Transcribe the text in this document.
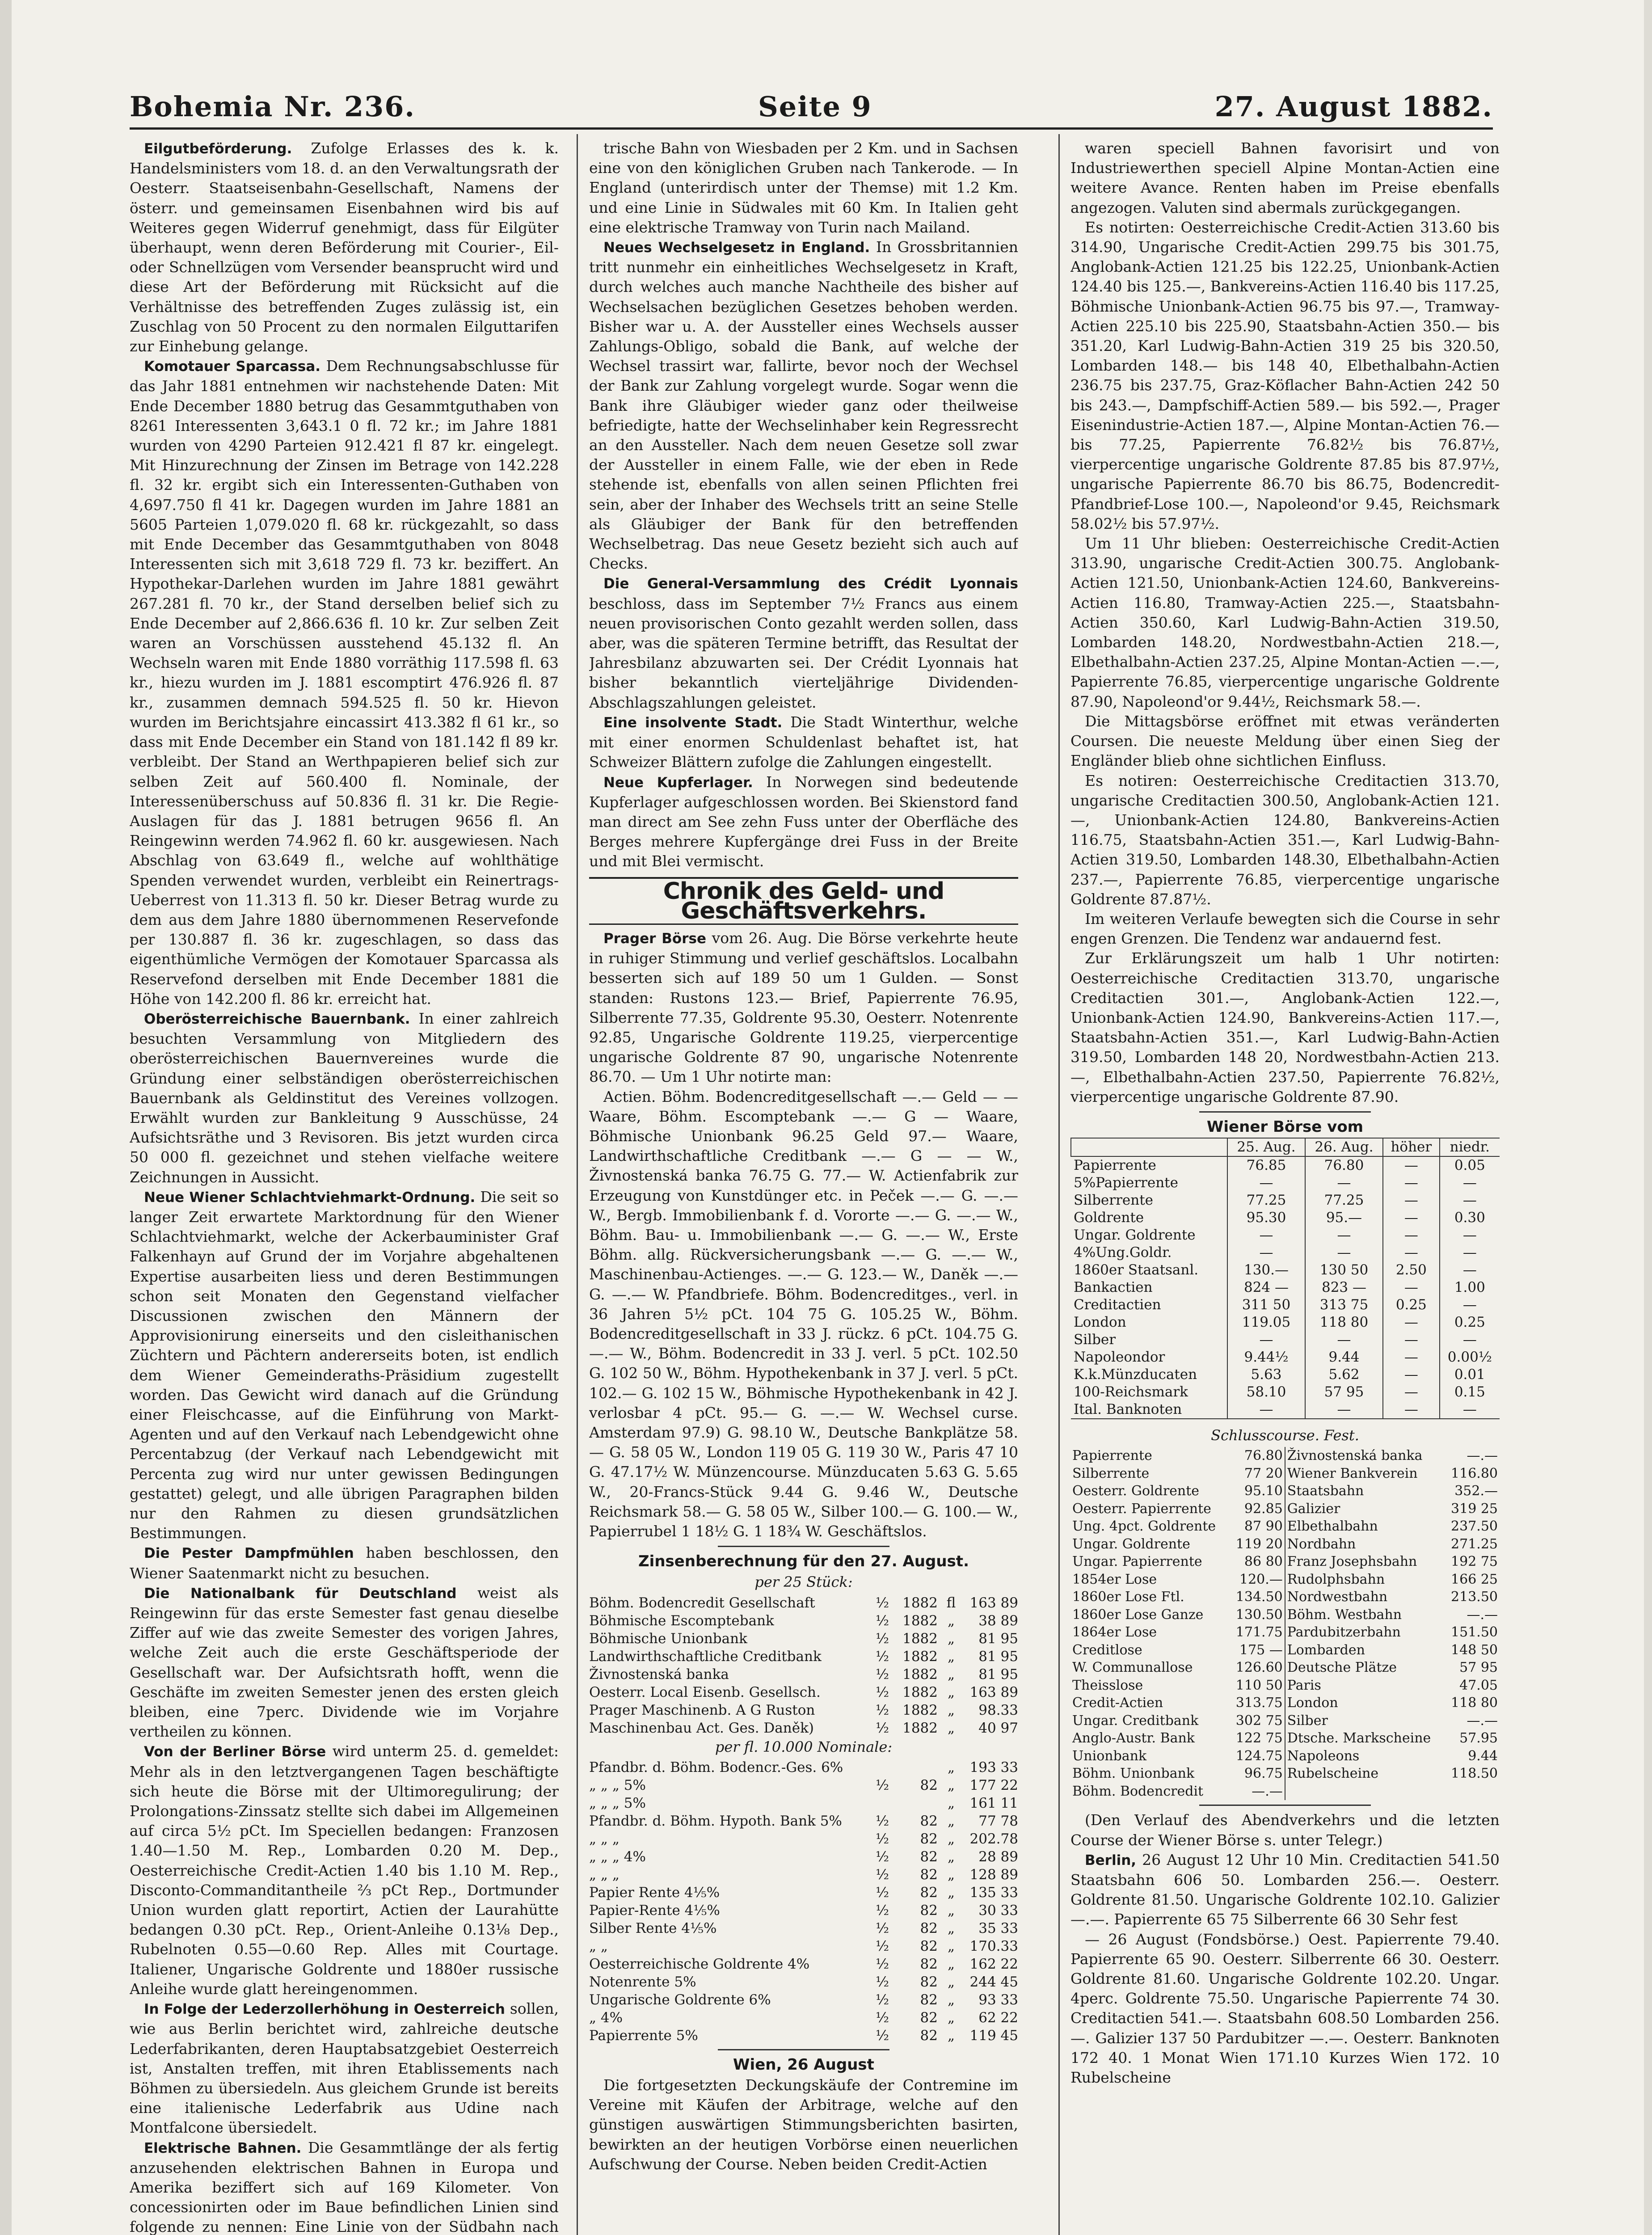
Bohemia Nr. 236.	Seite 9	27. August 1882.

Eilgutbeförderung. Zufolge Erlasses des k. k. Handelsministers vom 18. d. an den Verwaltungsrath der Oesterr. Staatseisenbahn-Gesellschaft, Namens der österr. und gemeinsamen Eisenbahnen wird bis auf Weiteres gegen Widerruf genehmigt, dass für Eilgüter überhaupt, wenn deren Beförderung mit Courier-, Eil- oder Schnellzügen vom Versender beansprucht wird und diese Art der Beförderung mit Rücksicht auf die Verhältnisse des betreffenden Zuges zulässig ist, ein Zuschlag von 50 Procent zu den normalen Eilguttarifen zur Einhebung gelange.

Komotauer Sparcassa. Dem Rechnungsabschlusse für das Jahr 1881 entnehmen wir nachstehende Daten: Mit Ende December 1880 betrug das Gesammtguthaben von 8261 Interessenten 3,643.1 0 fl. 72 kr.; im Jahre 1881 wurden von 4290 Parteien 912.421 fl 87 kr. eingelegt. Mit Hinzurechnung der Zinsen im Betrage von 142.228 fl. 32 kr. ergibt sich ein Interessenten-Guthaben von 4,697.750 fl 41 kr. Dagegen wurden im Jahre 1881 an 5605 Parteien 1,079.020 fl. 68 kr. rückgezahlt, so dass mit Ende December das Gesammtguthaben von 8048 Interessenten sich mit 3,618 729 fl. 73 kr. beziffert. An Hypothekar-Darlehen wurden im Jahre 1881 gewährt 267.281 fl. 70 kr., der Stand derselben belief sich zu Ende December auf 2,866.636 fl. 10 kr. Zur selben Zeit waren an Vorschüssen ausstehend 45.132 fl. An Wechseln waren mit Ende 1880 vorräthig 117.598 fl. 63 kr., hiezu wurden im J. 1881 escomptirt 476.926 fl. 87 kr., zusammen demnach 594.525 fl. 50 kr. Hievon wurden im Berichtsjahre eincassirt 413.382 fl 61 kr., so dass mit Ende December ein Stand von 181.142 fl 89 kr. verbleibt. Der Stand an Werthpapieren belief sich zur selben Zeit auf 560.400 fl. Nominale, der Interessenüberschuss auf 50.836 fl. 31 kr. Die Regie-Auslagen für das J. 1881 betrugen 9656 fl. An Reingewinn werden 74.962 fl. 60 kr. ausgewiesen. Nach Abschlag von 63.649 fl., welche auf wohlthätige Spenden verwendet wurden, verbleibt ein Reinertrags-Ueberrest von 11.313 fl. 50 kr. Dieser Betrag wurde zu dem aus dem Jahre 1880 übernommenen Reservefonde per 130.887 fl. 36 kr. zugeschlagen, so dass das eigenthümliche Vermögen der Komotauer Sparcassa als Reservefond derselben mit Ende December 1881 die Höhe von 142.200 fl. 86 kr. erreicht hat.

Oberösterreichische Bauernbank. In einer zahlreich besuchten Versammlung von Mitgliedern des oberösterreichischen Bauernvereines wurde die Gründung einer selbständigen oberösterreichischen Bauernbank als Geldinstitut des Vereines vollzogen. Erwählt wurden zur Bankleitung 9 Ausschüsse, 24 Aufsichtsräthe und 3 Revisoren. Bis jetzt wurden circa 50 000 fl. gezeichnet und stehen vielfache weitere Zeichnungen in Aussicht.

Neue Wiener Schlachtviehmarkt-Ordnung. Die seit so langer Zeit erwartete Marktordnung für den Wiener Schlachtviehmarkt, welche der Ackerbauminister Graf Falkenhayn auf Grund der im Vorjahre abgehaltenen Expertise ausarbeiten liess und deren Bestimmungen schon seit Monaten den Gegenstand vielfacher Discussionen zwischen den Männern der Approvisionirung einerseits und den cisleithanischen Züchtern und Pächtern andererseits boten, ist endlich dem Wiener Gemeinderaths-Präsidium zugestellt worden. Das Gewicht wird danach auf die Gründung einer Fleischcasse, auf die Einführung von Markt-Agenten und auf den Verkauf nach Lebendgewicht ohne Percentabzug (der Verkauf nach Lebendgewicht mit Percenta zug wird nur unter gewissen Bedingungen gestattet) gelegt, und alle übrigen Paragraphen bilden nur den Rahmen zu diesen grundsätzlichen Bestimmungen.

Die Pester Dampfmühlen haben beschlossen, den Wiener Saatenmarkt nicht zu besuchen.

Die Nationalbank für Deutschland weist als Reingewinn für das erste Semester fast genau dieselbe Ziffer auf wie das zweite Semester des vorigen Jahres, welche Zeit auch die erste Geschäftsperiode der Gesellschaft war. Der Aufsichtsrath hofft, wenn die Geschäfte im zweiten Semester jenen des ersten gleich bleiben, eine 7perc. Dividende wie im Vorjahre vertheilen zu können.

Von der Berliner Börse wird unterm 25. d. gemeldet: Mehr als in den letztvergangenen Tagen beschäftigte sich heute die Börse mit der Ultimoregulirung; der Prolongations-Zinssatz stellte sich dabei im Allgemeinen auf circa 5½ pCt. Im Speciellen bedangen: Franzosen 1.40—1.50 M. Rep., Lombarden 0.20 M. Dep., Oesterreichische Credit-Actien 1.40 bis 1.10 M. Rep., Disconto-Commanditantheile ⅔ pCt Rep., Dortmunder Union wurden glatt reportirt, Actien der Laurahütte bedangen 0.30 pCt. Rep., Orient-Anleihe 0.13⅛ Dep., Rubelnoten 0.55—0.60 Rep. Alles mit Courtage. Italiener, Ungarische Goldrente und 1880er russische Anleihe wurde glatt hereingenommen.

In Folge der Lederzollerhöhung in Oesterreich sollen, wie aus Berlin berichtet wird, zahlreiche deutsche Lederfabrikanten, deren Hauptabsatzgebiet Oesterreich ist, Anstalten treffen, mit ihren Etablissements nach Böhmen zu übersiedeln. Aus gleichem Grunde ist bereits eine italienische Lederfabrik aus Udine nach Montfalcone übersiedelt.

Elektrische Bahnen. Die Gesammtlänge der als fertig anzusehenden elektrischen Bahnen in Europa und Amerika beziffert sich auf 169 Kilometer. Von concessionirten oder im Baue befindlichen Linien sind folgende zu nennen: Eine Linie von der Südbahn nach

trische Bahn von Wiesbaden per 2 Km. und in Sachsen eine von den königlichen Gruben nach Tankerode. — In England (unterirdisch unter der Themse) mit 1.2 Km. und eine Linie in Südwales mit 60 Km. In Italien geht eine elektrische Tramway von Turin nach Mailand.

Neues Wechselgesetz in England. In Grossbritannien tritt nunmehr ein einheitliches Wechselgesetz in Kraft, durch welches auch manche Nachtheile des bisher auf Wechselsachen bezüglichen Gesetzes behoben werden. Bisher war u. A. der Aussteller eines Wechsels ausser Zahlungs-Obligo, sobald die Bank, auf welche der Wechsel trassirt war, fallirte, bevor noch der Wechsel der Bank zur Zahlung vorgelegt wurde. Sogar wenn die Bank ihre Gläubiger wieder ganz oder theilweise befriedigte, hatte der Wechselinhaber kein Regressrecht an den Aussteller. Nach dem neuen Gesetze soll zwar der Aussteller in einem Falle, wie der eben in Rede stehende ist, ebenfalls von allen seinen Pflichten frei sein, aber der Inhaber des Wechsels tritt an seine Stelle als Gläubiger der Bank für den betreffenden Wechselbetrag. Das neue Gesetz bezieht sich auch auf Checks.

Die General-Versammlung des Crédit Lyonnais beschloss, dass im September 7½ Francs aus einem neuen provisorischen Conto gezahlt werden sollen, dass aber, was die späteren Termine betrifft, das Resultat der Jahresbilanz abzuwarten sei. Der Crédit Lyonnais hat bisher bekanntlich vierteljährige Dividenden-Abschlagszahlungen geleistet.

Eine insolvente Stadt. Die Stadt Winterthur, welche mit einer enormen Schuldenlast behaftet ist, hat Schweizer Blättern zufolge die Zahlungen eingestellt.

Neue Kupferlager. In Norwegen sind bedeutende Kupferlager aufgeschlossen worden. Bei Skienstord fand man direct am See zehn Fuss unter der Oberfläche des Berges mehrere Kupfergänge drei Fuss in der Breite und mit Blei vermischt.

Chronik des Geld- und Geschäftsverkehrs.

Prager Börse vom 26. Aug. Die Börse verkehrte heute in ruhiger Stimmung und verlief geschäftslos. Localbahn besserten sich auf 189 50 um 1 Gulden. — Sonst standen: Rustons 123.— Brief, Papierrente 76.95, Silberrente 77.35, Goldrente 95.30, Oesterr. Notenrente 92.85, Ungarische Goldrente 119.25, vierpercentige ungarische Goldrente 87 90, ungarische Notenrente 86.70. — Um 1 Uhr notirte man:

Actien. Böhm. Bodencreditgesellschaft —.— Geld — — Waare, Böhm. Escomptebank —.— G — Waare, Böhmische Unionbank 96.25 Geld 97.— Waare, Landwirthschaftliche Creditbank —.— G — — W., Živnostenská banka 76.75 G. 77.— W. Actienfabrik zur Erzeugung von Kunstdünger etc. in Peček —.— G. —.— W., Bergb. Immobilienbank f. d. Vororte —.— G. —.— W., Böhm. Bau- u. Immobilienbank —.— G. —.— W., Erste Böhm. allg. Rückversicherungsbank —.— G. —.— W., Maschinenbau-Actienges. —.— G. 123.— W., Daněk —.— G. —.— W. Pfandbriefe. Böhm. Bodencreditges., verl. in 36 Jahren 5½ pCt. 104 75 G. 105.25 W., Böhm. Bodencreditgesellschaft in 33 J. rückz. 6 pCt. 104.75 G. —.— W., Böhm. Bodencredit in 33 J. verl. 5 pCt. 102.50 G. 102 50 W., Böhm. Hypothekenbank in 37 J. verl. 5 pCt. 102.— G. 102 15 W., Böhmische Hypothekenbank in 42 J. verlosbar 4 pCt. 95.— G. —.— W. Wechsel curse. Amsterdam 97.9) G. 98.10 W., Deutsche Bankplätze 58.— G. 58 05 W., London 119 05 G. 119 30 W., Paris 47 10 G. 47.17½ W. Münzencourse. Münzducaten 5.63 G. 5.65 W., 20-Francs-Stück 9.44 G. 9.46 W., Deutsche Reichsmark 58.— G. 58 05 W., Silber 100.— G. 100.— W., Papierrubel 1 18½ G. 1 18¾ W. Geschäftslos.

Zinsenberechnung für den 27. August.
per 25 Stück:
Böhm. Bodencredit Gesellschaft	½ 1882 fl	163 89
Böhmische Escomptebank	½ 1882 „	38 89
Böhmische Unionbank	½ 1882 „	81 95
Landwirthschaftliche Creditbank	½ 1882 „	81 95
Živnostenská banka	½ 1882 „	81 95
Oesterr. Local Eisenb. Gesellsch.	½ 1882 „	163 89
Prager Maschinenb. A G Ruston	½ 1882 „	98.33
Maschinenbau Act. Ges. Daněk)	½ 1882 „	40 97
per fl. 10.000 Nominale:
Pfandbr. d. Böhm. Bodencr.-Ges. 6%	„	193 33
„ „ „ 5%	½	82 „	177 22
„ „ „ 5%	„	161 11
Pfandbr. d. Böhm. Hypoth. Bank 5%	½	82 „	77 78
„ „ „	½	82 „	202.78
„ „ „ 4%	½	82 „	28 89
„ „ „	½	82 „	128 89
Papier Rente 4⅕%	½	82 „	135 33
Papier-Rente 4⅕%	½	82 „	30 33
Silber Rente 4⅕%	½	82 „	35 33
„ „	½	82 „	170.33
Oesterreichische Goldrente 4%	½	82 „	162 22
Notenrente 5%	½	82 „	244 45
Ungarische Goldrente 6%	½	82 „	93 33
„ 4%	½	82 „	62 22
Papierrente 5%	½	82 „	119 45
Wien, 26 August

Die fortgesetzten Deckungskäufe der Contremine im Vereine mit Käufen der Arbitrage, welche auf den günstigen auswärtigen Stimmungsberichten basirten, bewirkten an der heutigen Vorbörse einen neuerlichen Aufschwung der Course. Neben beiden Credit-Actien

waren speciell Bahnen favorisirt und von Industriewerthen speciell Alpine Montan-Actien eine weitere Avance. Renten haben im Preise ebenfalls angezogen. Valuten sind abermals zurückgegangen.

Es notirten: Oesterreichische Credit-Actien 313.60 bis 314.90, Ungarische Credit-Actien 299.75 bis 301.75, Anglobank-Actien 121.25 bis 122.25, Unionbank-Actien 124.40 bis 125.—, Bankvereins-Actien 116.40 bis 117.25, Böhmische Unionbank-Actien 96.75 bis 97.—, Tramway-Actien 225.10 bis 225.90, Staatsbahn-Actien 350.— bis 351.20, Karl Ludwig-Bahn-Actien 319 25 bis 320.50, Lombarden 148.— bis 148 40, Elbethalbahn-Actien 236.75 bis 237.75, Graz-Köflacher Bahn-Actien 242 50 bis 243.—, Dampfschiff-Actien 589.— bis 592.—, Prager Eisenindustrie-Actien 187.—, Alpine Montan-Actien 76.— bis 77.25, Papierrente 76.82½ bis 76.87½, vierpercentige ungarische Goldrente 87.85 bis 87.97½, ungarische Papierrente 86.70 bis 86.75, Bodencredit-Pfandbrief-Lose 100.—, Napoleond'or 9.45, Reichsmark 58.02½ bis 57.97½.

Um 11 Uhr blieben: Oesterreichische Credit-Actien 313.90, ungarische Credit-Actien 300.75. Anglobank-Actien 121.50, Unionbank-Actien 124.60, Bankvereins-Actien 116.80, Tramway-Actien 225.—, Staatsbahn-Actien 350.60, Karl Ludwig-Bahn-Actien 319.50, Lombarden 148.20, Nordwestbahn-Actien 218.—, Elbethalbahn-Actien 237.25, Alpine Montan-Actien —.—, Papierrente 76.85, vierpercentige ungarische Goldrente 87.90, Napoleond'or 9.44½, Reichsmark 58.—.

Die Mittagsbörse eröffnet mit etwas veränderten Coursen. Die neueste Meldung über einen Sieg der Engländer blieb ohne sichtlichen Einfluss.

Es notiren: Oesterreichische Creditactien 313.70, ungarische Creditactien 300.50, Anglobank-Actien 121.—, Unionbank-Actien 124.80, Bankvereins-Actien 116.75, Staatsbahn-Actien 351.—, Karl Ludwig-Bahn-Actien 319.50, Lombarden 148.30, Elbethalbahn-Actien 237.—, Papierrente 76.85, vierpercentige ungarische Goldrente 87.87½.

Im weiteren Verlaufe bewegten sich die Course in sehr engen Grenzen. Die Tendenz war andauernd fest.

Zur Erklärungszeit um halb 1 Uhr notirten: Oesterreichische Creditactien 313.70, ungarische Creditactien 301.—, Anglobank-Actien 122.—, Unionbank-Actien 124.90, Bankvereins-Actien 117.—, Staatsbahn-Actien 351.—, Karl Ludwig-Bahn-Actien 319.50, Lombarden 148 20, Nordwestbahn-Actien 213.—, Elbethalbahn-Actien 237.50, Papierrente 76.82½, vierpercentige ungarische Goldrente 87.90.

Wiener Börse vom
	25. Aug.	26. Aug.	höher	niedr.
Papierrente	76.85	76.80	—	0.05
5%Papierrente	—	—	—	—
Silberrente	77.25	77.25	—	—
Goldrente	95.30	95.—	—	0.30
Ungar. Goldrente	—	—	—	—
4%Ung.Goldr.	—	—	—	—
1860er Staatsanl.	130.—	130 50	2.50	—
Bankactien	824 —	823 —	—	1.00
Creditactien	311 50	313 75	0.25	—
London	119.05	118 80	—	0.25
Silber	—	—	—	—
Napoleondor	9.44½	9.44	—	0.00½
K.k.Münzducaten	5.63	5.62	—	0.01
100-Reichsmark	58.10	57 95	—	0.15
Ital. Banknoten	—	—	—	—
Schlusscourse. Fest.
Papierrente	76.80	Živnostenská banka	—.—
Silberrente	77 20	Wiener Bankverein	116.80
Oesterr. Goldrente	95.10	Staatsbahn	352.—
Oesterr. Papierrente	92.85	Galizier	319 25
Ung. 4pct. Goldrente	87 90	Elbethalbahn	237.50
Ungar. Goldrente	119 20	Nordbahn	271.25
Ungar. Papierrente	86 80	Franz Josephsbahn	192 75
1854er Lose	120.—	Rudolphsbahn	166 25
1860er Lose Ftl.	134.50	Nordwestbahn	213.50
1860er Lose Ganze	130.50	Böhm. Westbahn	—.—
1864er Lose	171.75	Pardubitzerbahn	151.50
Creditlose	175 —	Lombarden	148 50
W. Communallose	126.60	Deutsche Plätze	57 95
Theisslose	110 50	Paris	47.05
Credit-Actien	313.75	London	118 80
Ungar. Creditbank	302 75	Silber	—.—
Anglo-Austr. Bank	122 75	Dtsche. Markscheine	57.95
Unionbank	124.75	Napoleons	9.44
Böhm. Unionbank	96.75	Rubelscheine	118.50
Böhm. Bodencredit	—.—		

(Den Verlauf des Abendverkehrs und die letzten Course der Wiener Börse s. unter Telegr.)

Berlin, 26 August 12 Uhr 10 Min. Creditactien 541.50 Staatsbahn 606 50. Lombarden 256.—. Oesterr. Goldrente 81.50. Ungarische Goldrente 102.10. Galizier —.—. Papierrente 65 75 Silberrente 66 30 Sehr fest

— 26 August (Fondsbörse.) Oest. Papierrente 79.40. Papierrente 65 90. Oesterr. Silberrente 66 30. Oesterr. Goldrente 81.60. Ungarische Goldrente 102.20. Ungar. 4perc. Goldrente 75.50. Ungarische Papierrente 74 30. Creditactien 541.—. Staatsbahn 608.50 Lombarden 256.—. Galizier 137 50 Pardubitzer —.—. Oesterr. Banknoten 172 40. 1 Monat Wien 171.10 Kurzes Wien 172. 10 Rubelscheine
